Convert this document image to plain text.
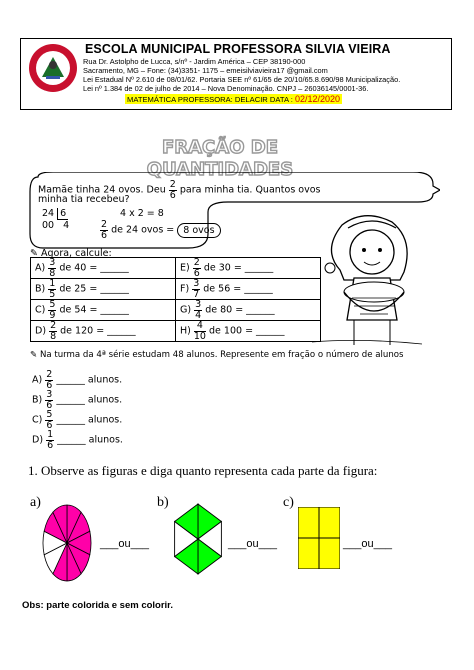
ESCOLA MUNICIPAL PROFESSORA SILVIA VIEIRA
Rua Dr. Astolpho de Lucca, s/nº - Jardim América – CEP 38190-000
Sacramento, MG – Fone: (34)3351- 1175 – emeisilviavieira17 @gmail.com
Lei Estadual Nº 2.610 de 08/01/62. Portaria SEE nº 61/65 de 20/10/65.8.690/98 Municipalização.
Lei nº 1.384 de 02 de julho de 2014 – Nova Denominação. CNPJ – 26036145/0001-36.
MATEMÁTICA PROFESSORA: DELACIR DATA : 02/12/2020
FRAÇÃO DE
QUANTIDADES
Mamãe tinha 24 ovos. Deu $\frac{2}{6}$ para minha tia. Quantos ovos
minha tia recebeu?
24 6
00 4
4 x 2 = 8
$\frac{2}{6}$ de 24 ovos = 8 ovos
✎ Agora, calcule:
$A) \frac{3}{8}$ de 40 = ______	$E) \frac{2}{6}$ de 30 = ______
$B) \frac{1}{5}$ de 25 = ______	$F) \frac{3}{7}$ de 56 = ______
$C) \frac{5}{9}$ de 54 = ______	$G) \frac{3}{4}$ de 80 = ______
$D) \frac{2}{8}$ de 120 = ______	$H) \frac{4}{10}$ de 100 = ______
✎ Na turma da 4ª série estudam 48 alunos. Represente em fração o número de alunos
$A) \frac{2}{6}$ ______ alunos.
$B) \frac{3}{6}$ ______ alunos.
$C) \frac{5}{6}$ ______ alunos.
$D) \frac{1}{6}$ ______ alunos.
1. Observe as figuras e diga quanto representa cada parte da figura:
a)
___ou___
b)
___ou___
c)
___ou___
Obs: parte colorida e sem colorir.
